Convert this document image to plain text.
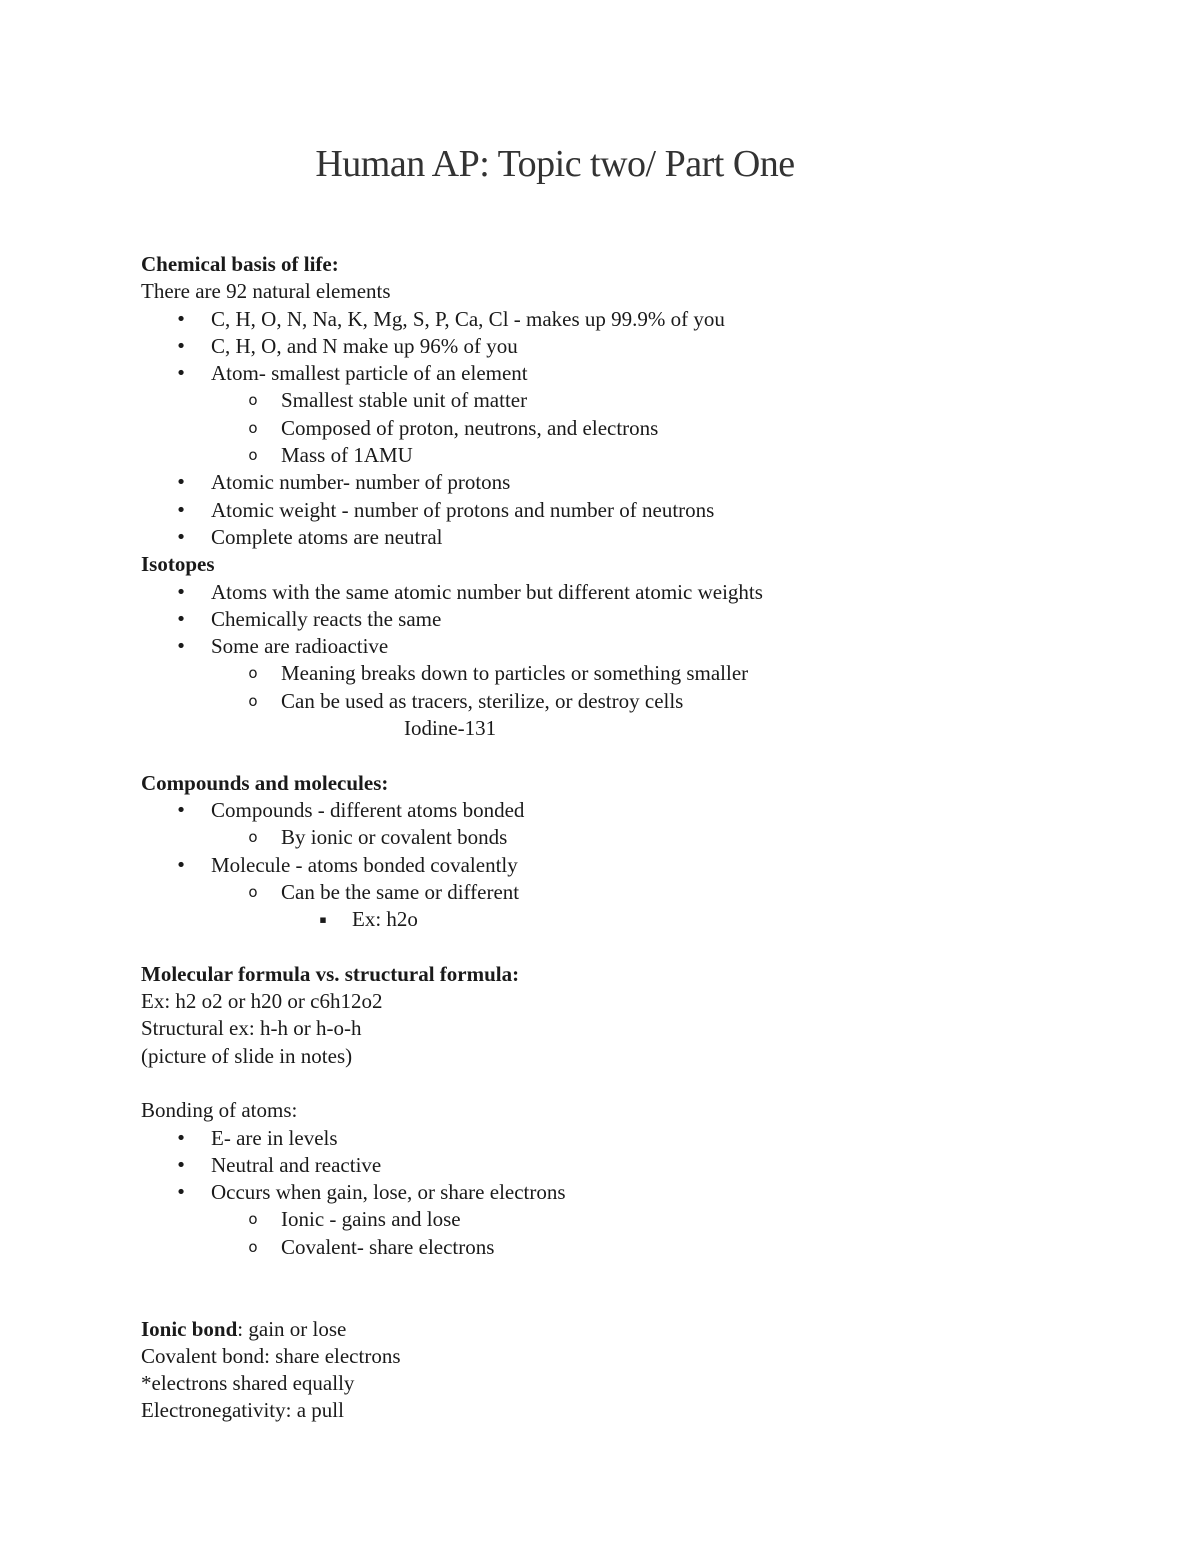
Human AP: Topic two/ Part One
Chemical basis of life:
There are 92 natural elements
• C, H, O, N, Na, K, Mg, S, P, Ca, Cl - makes up 99.9% of you
• C, H, O, and N make up 96% of you
• Atom- smallest particle of an element
o Smallest stable unit of matter
o Composed of proton, neutrons, and electrons
o Mass of 1AMU
• Atomic number- number of protons
• Atomic weight - number of protons and number of neutrons
• Complete atoms are neutral
Isotopes
• Atoms with the same atomic number but different atomic weights
• Chemically reacts the same
• Some are radioactive
o Meaning breaks down to particles or something smaller
o Can be used as tracers, sterilize, or destroy cells
Iodine-131
Compounds and molecules:
• Compounds - different atoms bonded
o By ionic or covalent bonds
• Molecule - atoms bonded covalently
o Can be the same or different
▪ Ex: h2o
Molecular formula vs. structural formula:
Ex: h2 o2 or h20 or c6h12o2
Structural ex: h-h or h-o-h
(picture of slide in notes)
Bonding of atoms:
• E- are in levels
• Neutral and reactive
• Occurs when gain, lose, or share electrons
o Ionic - gains and lose
o Covalent- share electrons
Ionic bond: gain or lose
Covalent bond: share electrons
*electrons shared equally
Electronegativity: a pull
